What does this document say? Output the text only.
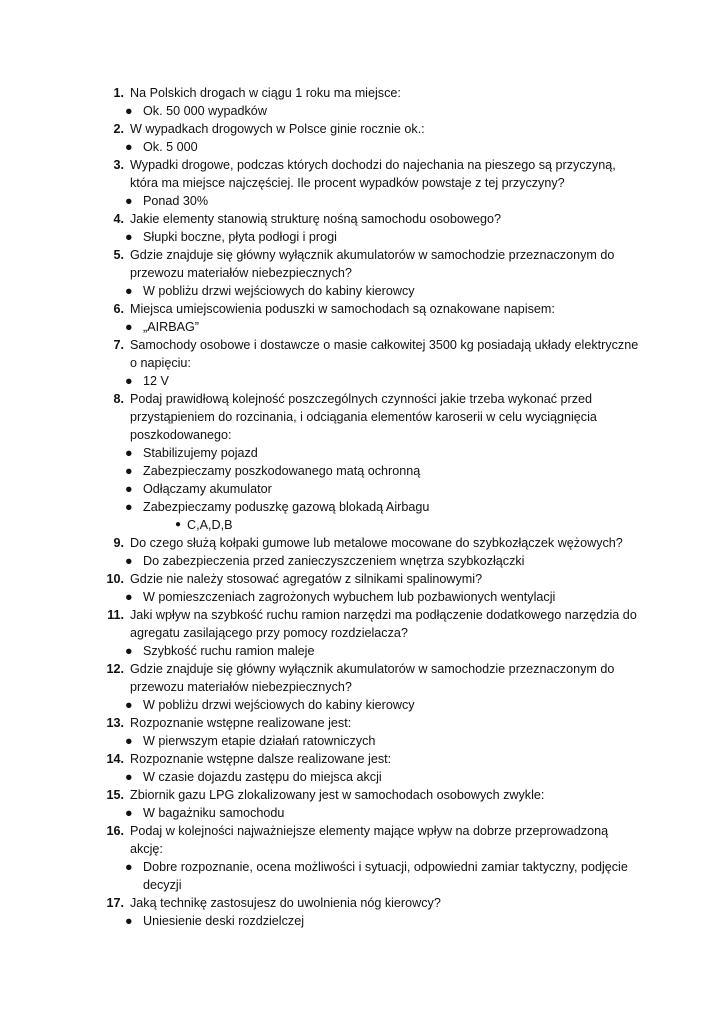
1. Na Polskich drogach w ciągu 1 roku ma miejsce:
● Ok. 50 000 wypadków
2. W wypadkach drogowych w Polsce ginie rocznie ok.:
● Ok. 5 000
3. Wypadki drogowe, podczas których dochodzi do najechania na pieszego są przyczyną, która ma miejsce najczęściej. Ile procent wypadków powstaje z tej przyczyny?
● Ponad 30%
4. Jakie elementy stanowią strukturę nośną samochodu osobowego?
● Słupki boczne, płyta podłogi i progi
5. Gdzie znajduje się główny wyłącznik akumulatorów w samochodzie przeznaczonym do przewozu materiałów niebezpiecznych?
● W pobliżu drzwi wejściowych do kabiny kierowcy
6. Miejsca umiejscowienia poduszki w samochodach są oznakowane napisem:
● „AIRBAG”
7. Samochody osobowe i dostawcze o masie całkowitej 3500 kg posiadają układy elektryczne o napięciu:
● 12 V
8. Podaj prawidłową kolejność poszczególnych czynności jakie trzeba wykonać przed przystąpieniem do rozcinania, i odciągania elementów karoserii w celu wyciągnięcia poszkodowanego:
● Stabilizujemy pojazd
● Zabezpieczamy poszkodowanego matą ochronną
● Odłączamy akumulator
● Zabezpieczamy poduszkę gazową blokadą Airbagu
● C,A,D,B
9. Do czego służą kołpaki gumowe lub metalowe mocowane do szybkozłączek wężowych?
● Do zabezpieczenia przed zanieczyszczeniem wnętrza szybkozłączki
10. Gdzie nie należy stosować agregatów z silnikami spalinowymi?
● W pomieszczeniach zagrożonych wybuchem lub pozbawionych wentylacji
11. Jaki wpływ na szybkość ruchu ramion narzędzi ma podłączenie dodatkowego narzędzia do agregatu zasilającego przy pomocy rozdzielacza?
● Szybkość ruchu ramion maleje
12. Gdzie znajduje się główny wyłącznik akumulatorów w samochodzie przeznaczonym do przewozu materiałów niebezpiecznych?
● W pobliżu drzwi wejściowych do kabiny kierowcy
13. Rozpoznanie wstępne realizowane jest:
● W pierwszym etapie działań ratowniczych
14. Rozpoznanie wstępne dalsze realizowane jest:
● W czasie dojazdu zastępu do miejsca akcji
15. Zbiornik gazu LPG zlokalizowany jest w samochodach osobowych zwykle:
● W bagażniku samochodu
16. Podaj w kolejności najważniejsze elementy mające wpływ na dobrze przeprowadzoną akcję:
● Dobre rozpoznanie, ocena możliwości i sytuacji, odpowiedni zamiar taktyczny, podjęcie decyzji
17. Jaką technikę zastosujesz do uwolnienia nóg kierowcy?
● Uniesienie deski rozdzielczej
